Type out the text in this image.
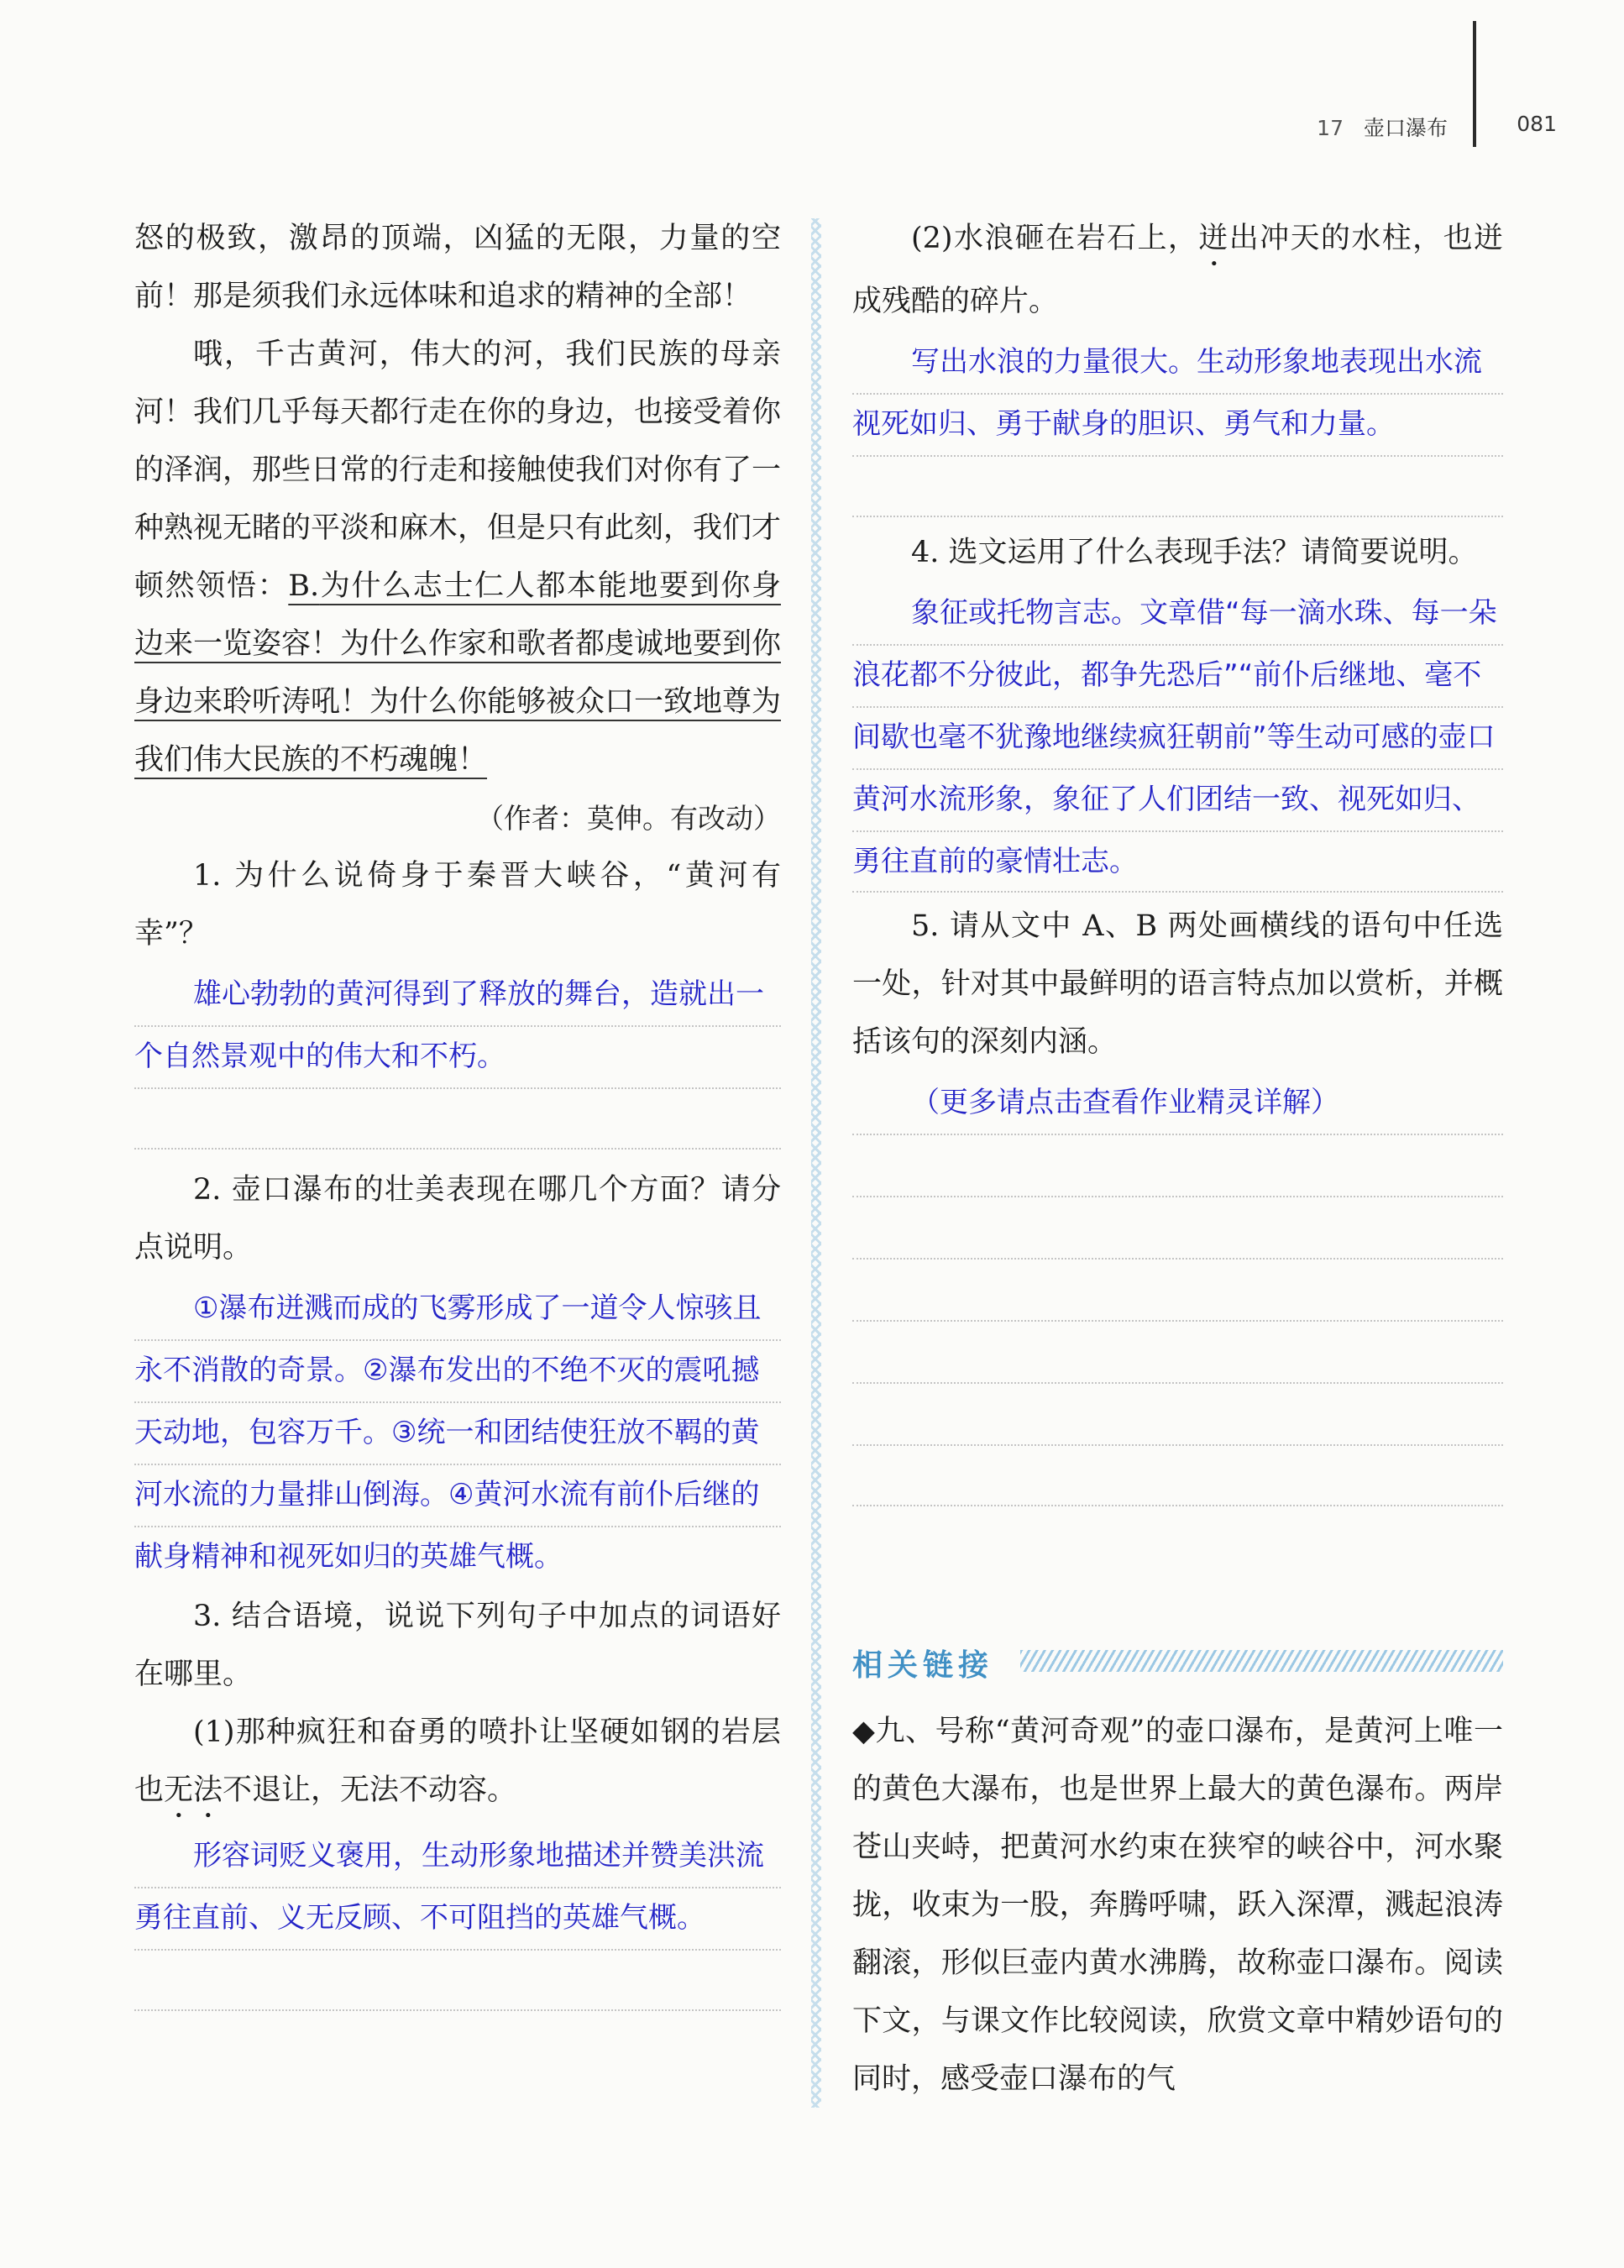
17 壶口瀑布	081

怒的极致，激昂的顶端，凶猛的无限，力量的空前！那是须我们永远体味和追求的精神的全部！

哦，千古黄河，伟大的河，我们民族的母亲河！我们几乎每天都行走在你的身边，也接受着你的泽润，那些日常的行走和接触使我们对你有了一种熟视无睹的平淡和麻木，但是只有此刻，我们才顿然领悟：B.为什么志士仁人都本能地要到你身边来一览姿容！为什么作家和歌者都虔诚地要到你身边来聆听涛吼！为什么你能够被众口一致地尊为我们伟大民族的不朽魂魄！

（作者：莫伸。有改动）

1. 为什么说倚身于秦晋大峡谷，“黄河有幸”？

雄心勃勃的黄河得到了释放的舞台，造就出一个自然景观中的伟大和不朽。

2. 壶口瀑布的壮美表现在哪几个方面？请分点说明。

①瀑布迸溅而成的飞雾形成了一道令人惊骇且永不消散的奇景。②瀑布发出的不绝不灭的震吼撼天动地，包容万千。③统一和团结使狂放不羁的黄河水流的力量排山倒海。④黄河水流有前仆后继的献身精神和视死如归的英雄气概。

3. 结合语境，说说下列句子中加点的词语好在哪里。

(1)那种疯狂和奋勇的喷扑让坚硬如钢的岩层也无法不退让，无法不动容。

形容词贬义褒用，生动形象地描述并赞美洪流勇往直前、义无反顾、不可阻挡的英雄气概。

(2)水浪砸在岩石上，迸出冲天的水柱，也迸成残酷的碎片。

写出水浪的力量很大。生动形象地表现出水流视死如归、勇于献身的胆识、勇气和力量。

4. 选文运用了什么表现手法？请简要说明。

象征或托物言志。文章借“每一滴水珠、每一朵浪花都不分彼此，都争先恐后”“前仆后继地、毫不间歇也毫不犹豫地继续疯狂朝前”等生动可感的壶口黄河水流形象，象征了人们团结一致、视死如归、勇往直前的豪情壮志。

5. 请从文中 A、B 两处画横线的语句中任选一处，针对其中最鲜明的语言特点加以赏析，并概括该句的深刻内涵。

（更多请点击查看作业精灵详解）

相关链接

◆九、号称“黄河奇观”的壶口瀑布，是黄河上唯一的黄色大瀑布，也是世界上最大的黄色瀑布。两岸苍山夹峙，把黄河水约束在狭窄的峡谷中，河水聚拢，收束为一股，奔腾呼啸，跃入深潭，溅起浪涛翻滚，形似巨壶内黄水沸腾，故称壶口瀑布。阅读下文，与课文作比较阅读，欣赏文章中精妙语句的同时，感受壶口瀑布的气
